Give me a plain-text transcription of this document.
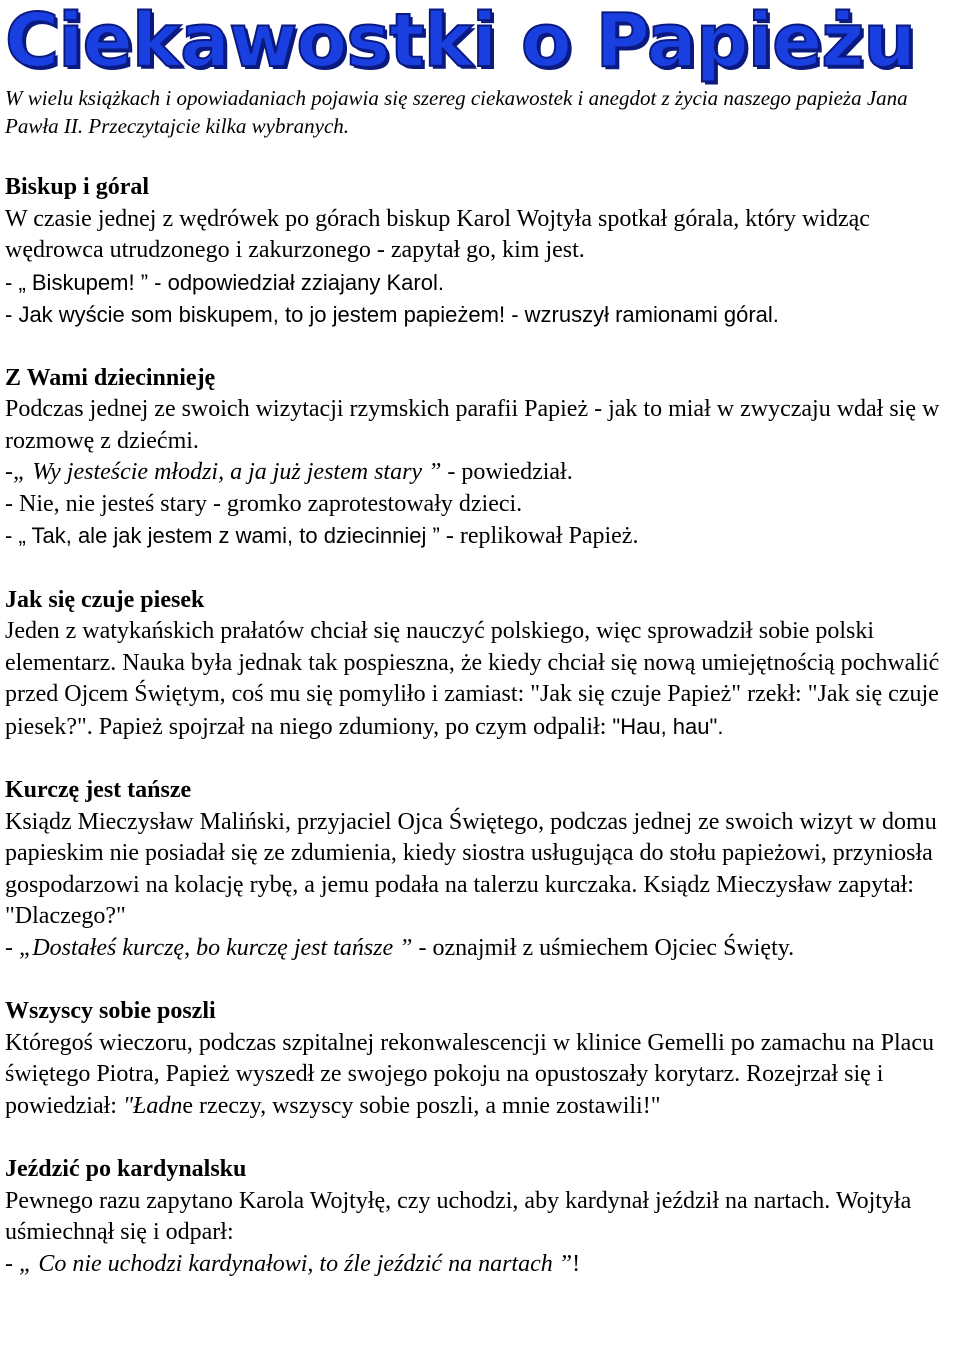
Ciekawostki o Papieżu

W wielu książkach i opowiadaniach pojawia się szereg ciekawostek i anegdot z życia naszego papieża Jana Pawła II. Przeczytajcie kilka wybranych.

Biskup i góral

W czasie jednej z wędrówek po górach biskup Karol Wojtyła spotkał górala, który widząc wędrowca utrudzonego i zakurzonego - zapytał go, kim jest.

- „ Biskupem! ” - odpowiedział zziajany Karol.
- Jak wyście som biskupem, to jo jestem papieżem! - wzruszył ramionami góral.
Z Wami dziecinnieję

Podczas jednej ze swoich wizytacji rzymskich parafii Papież - jak to miał w zwyczaju wdał się w rozmowę z dziećmi.

-„ Wy jesteście młodzi, a ja już jestem stary ” - powiedział.
- Nie, nie jesteś stary - gromko zaprotestowały dzieci.
- „ Tak, ale jak jestem z wami, to dziecinniej ” - replikował Papież.
Jak się czuje piesek

Jeden z watykańskich prałatów chciał się nauczyć polskiego, więc sprowadził sobie polski elementarz. Nauka była jednak tak pospieszna, że kiedy chciał się nową umiejętnością pochwalić przed Ojcem Świętym, coś mu się pomyliło i zamiast: "Jak się czuje Papież" rzekł: "Jak się czuje piesek?". Papież spojrzał na niego zdumiony, po czym odpalił: "Hau, hau".

Kurczę jest tańsze

Ksiądz Mieczysław Maliński, przyjaciel Ojca Świętego, podczas jednej ze swoich wizyt w domu papieskim nie posiadał się ze zdumienia, kiedy siostra usługująca do stołu papieżowi, przyniosła gospodarzowi na kolację rybę, a jemu podała na talerzu kurczaka. Ksiądz Mieczysław zapytał: "Dlaczego?"

- „Dostałeś kurczę, bo kurczę jest tańsze ” - oznajmił z uśmiechem Ojciec Święty.
Wszyscy sobie poszli

Któregoś wieczoru, podczas szpitalnej rekonwalescencji w klinice Gemelli po zamachu na Placu świętego Piotra, Papież wyszedł ze swojego pokoju na opustoszały korytarz. Rozejrzał się i powiedział: "Ładne rzeczy, wszyscy sobie poszli, a mnie zostawili!"

Jeździć po kardynalsku

Pewnego razu zapytano Karola Wojtyłę, czy uchodzi, aby kardynał jeździł na nartach. Wojtyła uśmiechnął się i odparł:

- „ Co nie uchodzi kardynałowi, to źle jeździć na nartach ”!
